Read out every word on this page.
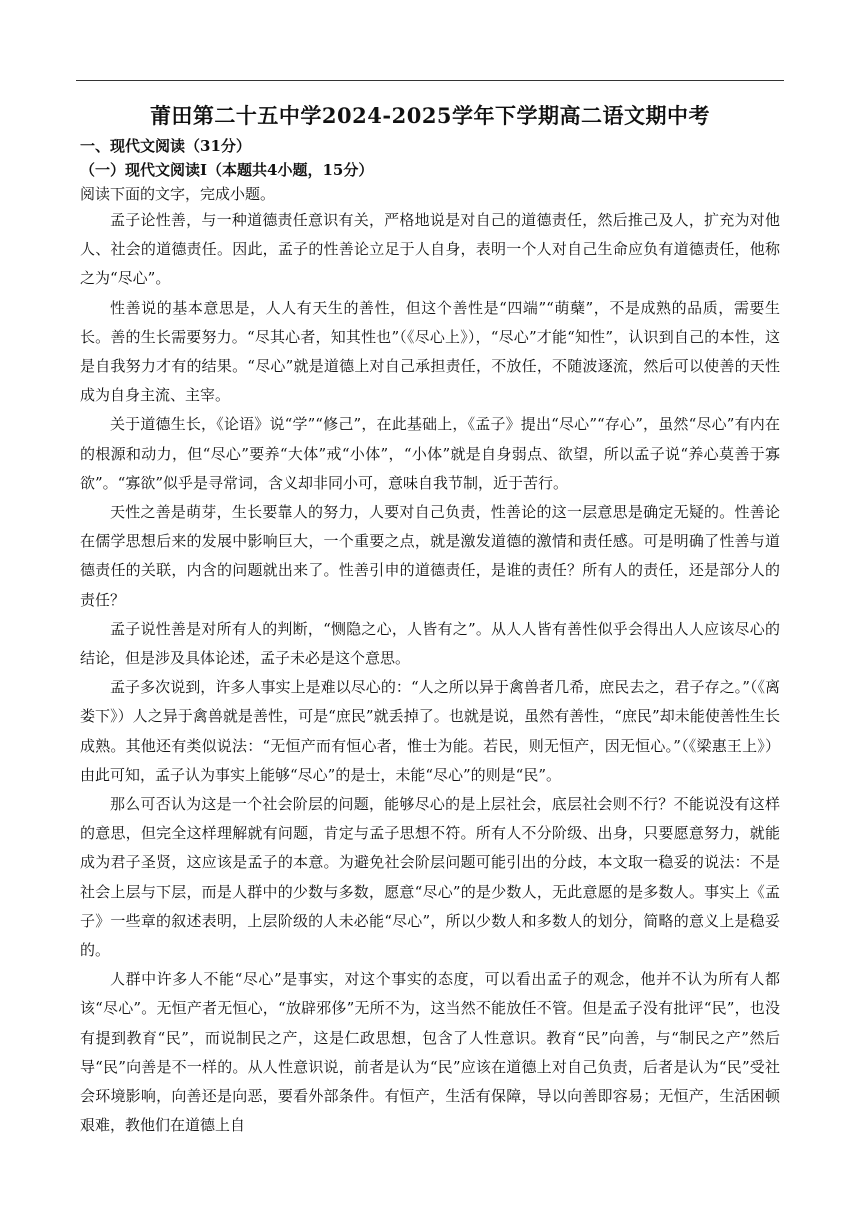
莆田第二十五中学2024-2025学年下学期高二语文期中考
一、现代文阅读（31分）
（一）现代文阅读Ⅰ（本题共4小题，15分）
阅读下面的文字，完成小题。

孟子论性善，与一种道德责任意识有关，严格地说是对自己的道德责任，然后推己及人，扩充为对他人、社会的道德责任。因此，孟子的性善论立足于人自身，表明一个人对自己生命应负有道德责任，他称之为“尽心”。

性善说的基本意思是，人人有天生的善性，但这个善性是“四端”“萌蘖”，不是成熟的品质，需要生长。善的生长需要努力。“尽其心者，知其性也”（《尽心上》），“尽心”才能“知性”，认识到自己的本性，这是自我努力才有的结果。“尽心”就是道德上对自己承担责任，不放任，不随波逐流，然后可以使善的天性成为自身主流、主宰。

关于道德生长，《论语》说“学”“修己”，在此基础上，《孟子》提出“尽心”“存心”，虽然“尽心”有内在的根源和动力，但“尽心”要养“大体”戒“小体”，“小体”就是自身弱点、欲望，所以孟子说“养心莫善于寡欲”。“寡欲”似乎是寻常词，含义却非同小可，意味自我节制，近于苦行。

天性之善是萌芽，生长要靠人的努力，人要对自己负责，性善论的这一层意思是确定无疑的。性善论在儒学思想后来的发展中影响巨大，一个重要之点，就是激发道德的激情和责任感。可是明确了性善与道德责任的关联，内含的问题就出来了。性善引申的道德责任，是谁的责任？所有人的责任，还是部分人的责任？

孟子说性善是对所有人的判断，“恻隐之心，人皆有之”。从人人皆有善性似乎会得出人人应该尽心的结论，但是涉及具体论述，孟子未必是这个意思。

孟子多次说到，许多人事实上是难以尽心的：“人之所以异于禽兽者几希，庶民去之，君子存之。”（《离娄下》）人之异于禽兽就是善性，可是“庶民”就丢掉了。也就是说，虽然有善性，“庶民”却未能使善性生长成熟。其他还有类似说法：“无恒产而有恒心者，惟士为能。若民，则无恒产，因无恒心。”（《梁惠王上》）由此可知，孟子认为事实上能够“尽心”的是士，未能“尽心”的则是“民”。

那么可否认为这是一个社会阶层的问题，能够尽心的是上层社会，底层社会则不行？不能说没有这样的意思，但完全这样理解就有问题，肯定与孟子思想不符。所有人不分阶级、出身，只要愿意努力，就能成为君子圣贤，这应该是孟子的本意。为避免社会阶层问题可能引出的分歧，本文取一稳妥的说法：不是社会上层与下层，而是人群中的少数与多数，愿意“尽心”的是少数人，无此意愿的是多数人。事实上《孟子》一些章的叙述表明，上层阶级的人未必能“尽心”，所以少数人和多数人的划分，简略的意义上是稳妥的。

人群中许多人不能“尽心”是事实，对这个事实的态度，可以看出孟子的观念，他并不认为所有人都该“尽心”。无恒产者无恒心，“放辟邪侈”无所不为，这当然不能放任不管。但是孟子没有批评“民”，也没有提到教育“民”，而说制民之产，这是仁政思想，包含了人性意识。教育“民”向善，与“制民之产”然后导“民”向善是不一样的。从人性意识说，前者是认为“民”应该在道德上对自己负责，后者是认为“民”受社会环境影响，向善还是向恶，要看外部条件。有恒产，生活有保障，导以向善即容易；无恒产，生活困顿艰难，教他们在道德上自
